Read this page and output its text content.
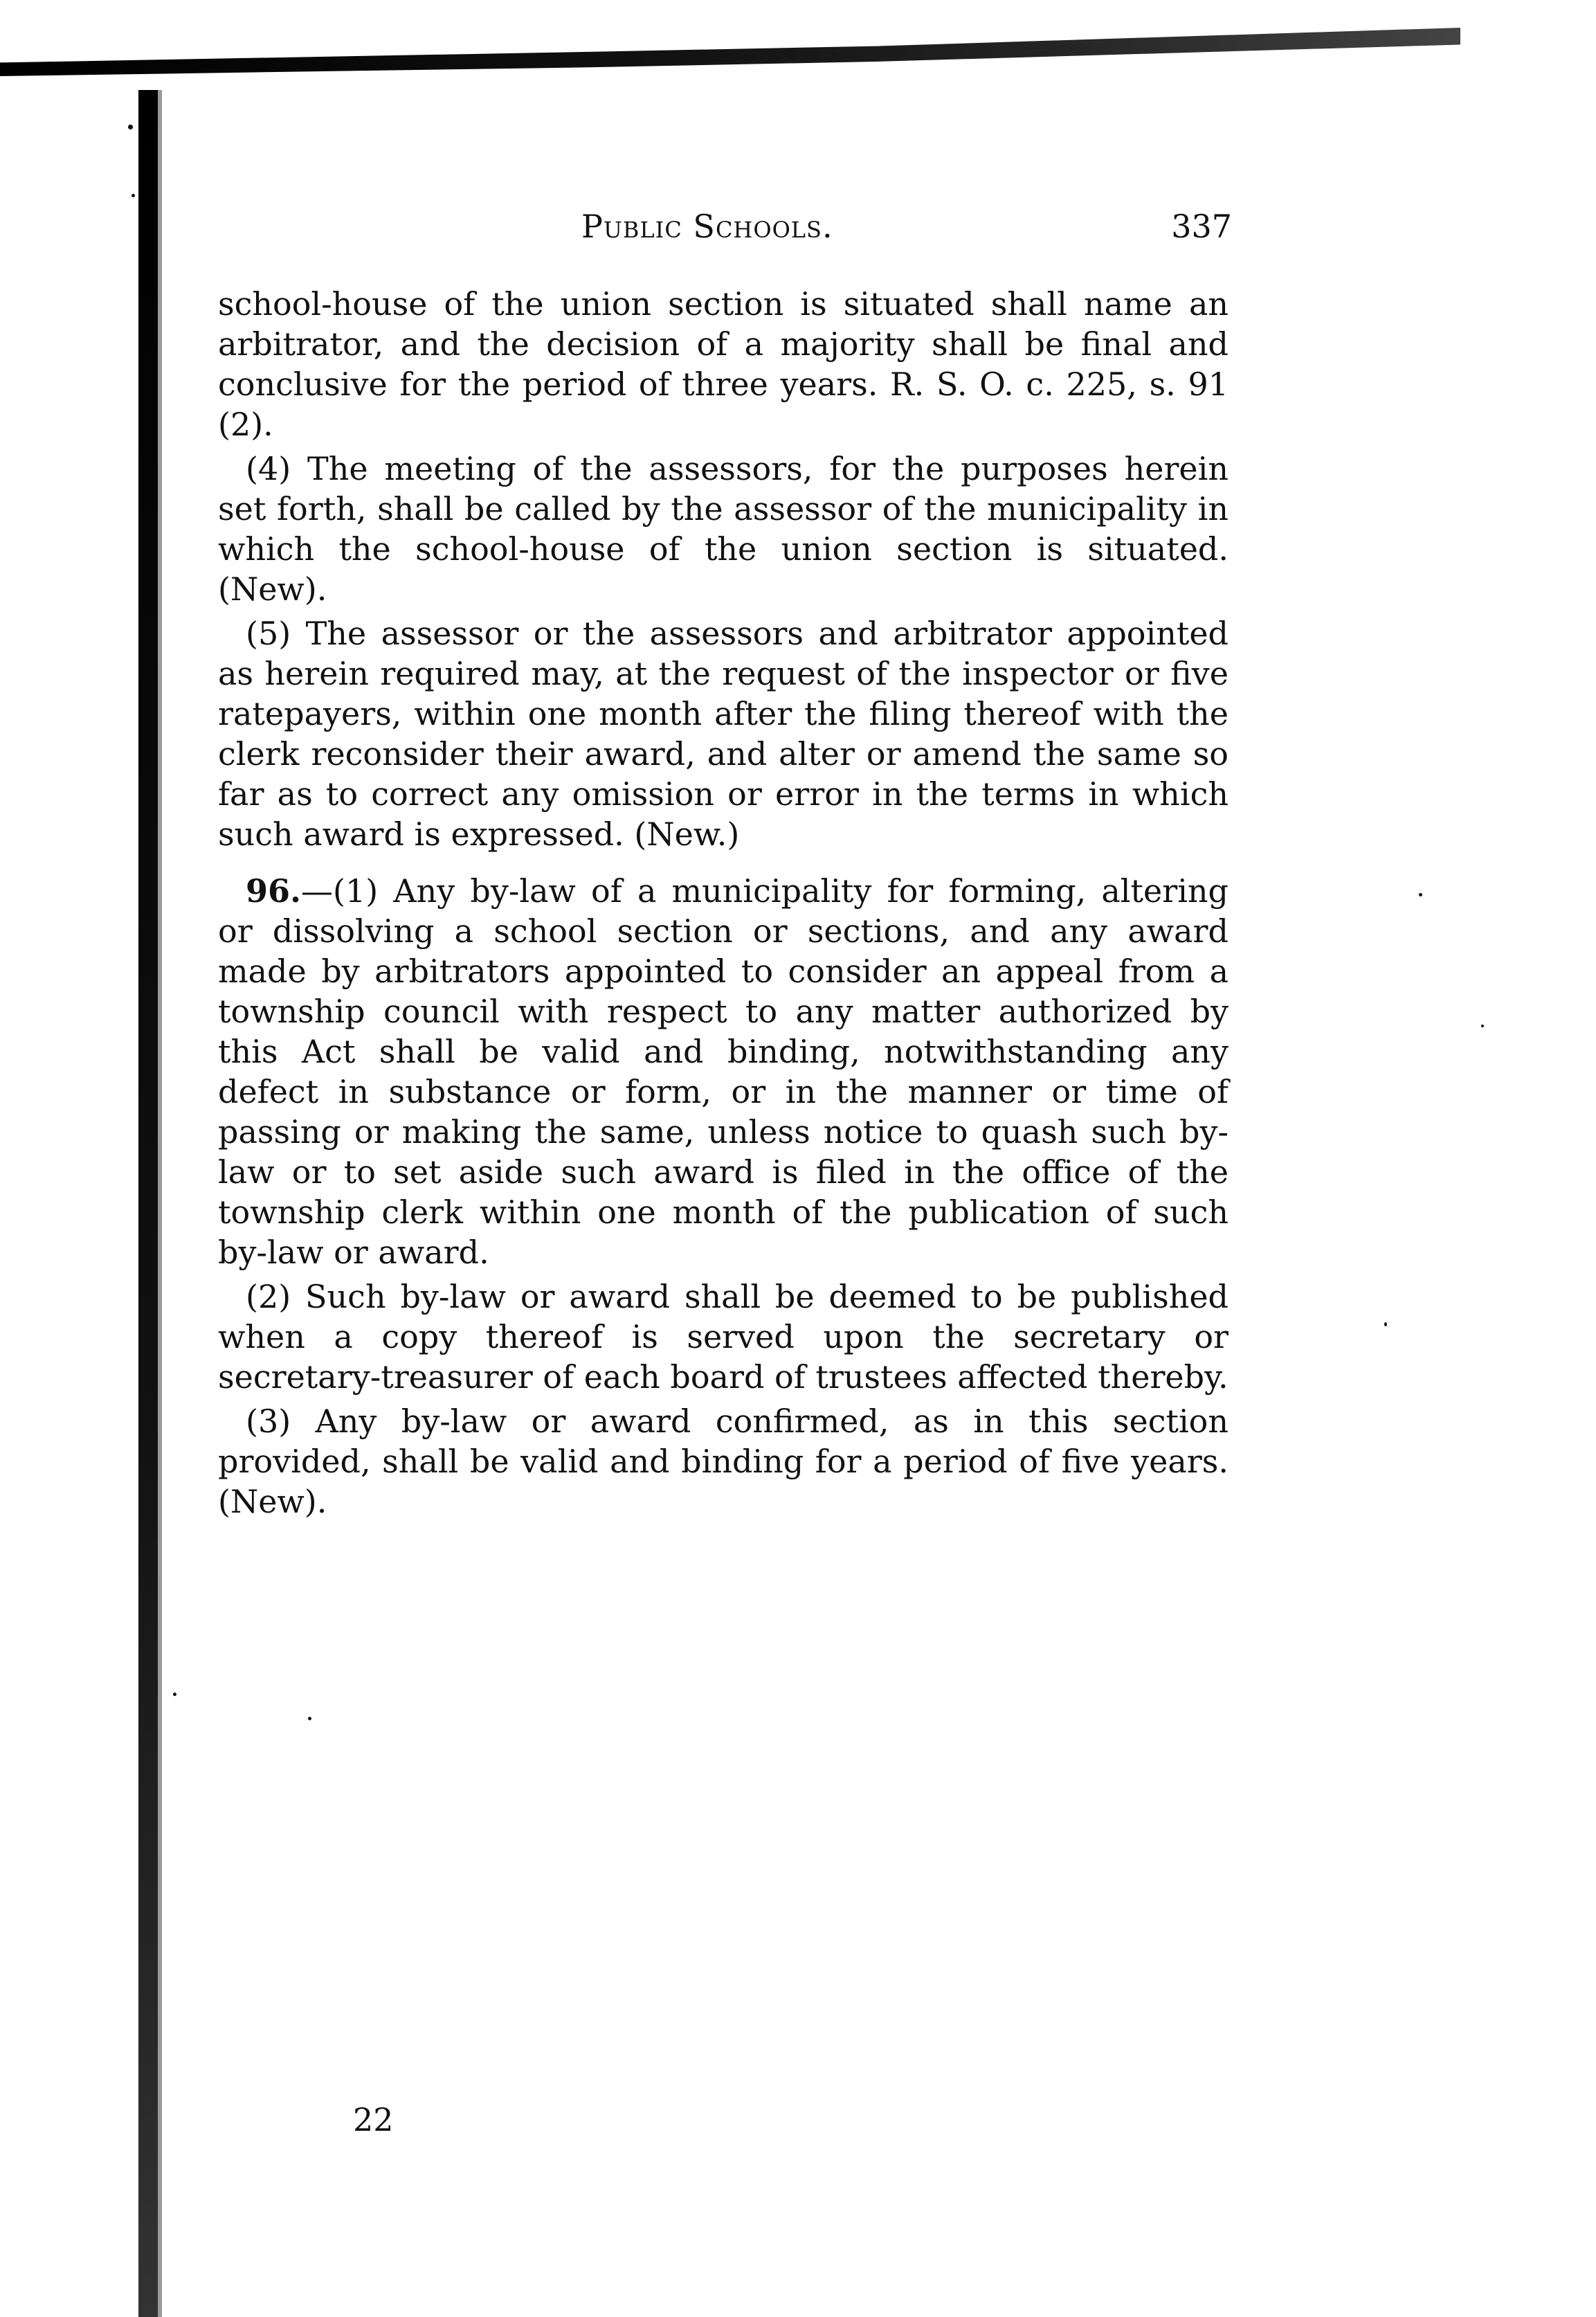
Public Schools.	337

school-house of the union section is situated shall name an arbitrator, and the decision of a majority shall be final and conclusive for the period of three years. R. S. O. c. 225, s. 91 (2).

(4) The meeting of the assessors, for the purposes herein set forth, shall be called by the assessor of the municipality in which the school-house of the union section is situated. (New).

(5) The assessor or the assessors and arbitrator appointed as herein required may, at the request of the inspector or five ratepayers, within one month after the filing thereof with the clerk reconsider their award, and alter or amend the same so far as to correct any omission or error in the terms in which such award is expressed. (New.)

96.—(1) Any by-law of a municipality for forming, altering or dissolving a school section or sections, and any award made by arbitrators appointed to consider an appeal from a township council with respect to any matter authorized by this Act shall be valid and binding, notwithstanding any defect in substance or form, or in the manner or time of passing or making the same, unless notice to quash such by-law or to set aside such award is filed in the office of the township clerk within one month of the publication of such by-law or award.

(2) Such by-law or award shall be deemed to be published when a copy thereof is served upon the secretary or secretary-treasurer of each board of trustees affected thereby.

(3) Any by-law or award confirmed, as in this section provided, shall be valid and binding for a period of five years. (New).

22
